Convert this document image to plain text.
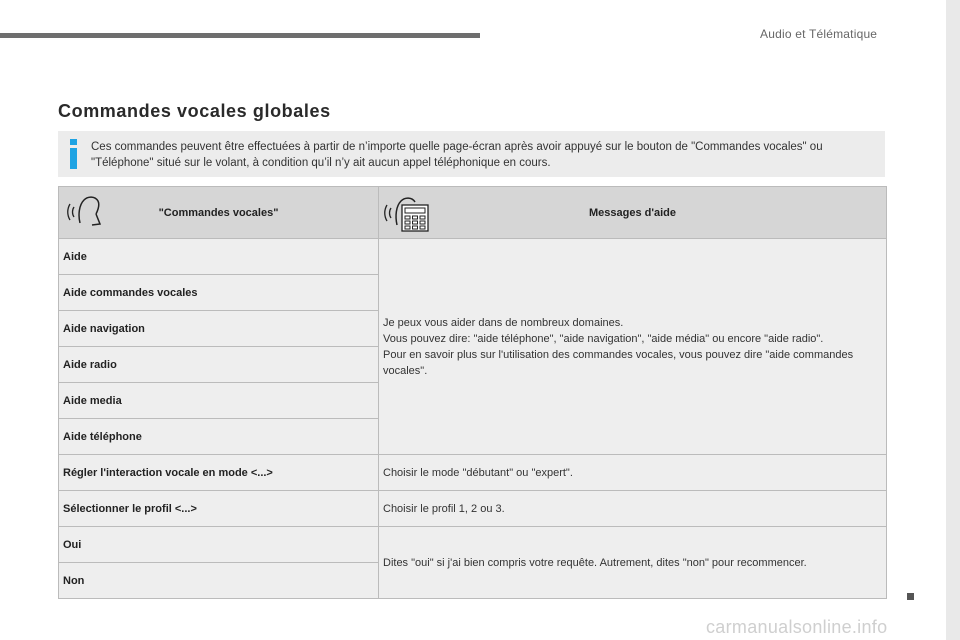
Audio et Télématique
Commandes vocales globales
Ces commandes peuvent être effectuées à partir de n’importe quelle page-écran après avoir appuyé sur le bouton de "Commandes vocales" ou "Téléphone" situé sur le volant, à condition qu’il n’y ait aucun appel téléphonique en cours.
"Commandes vocales"	Messages d'aide

Aide	Je peux vous aider dans de nombreux domaines.
Vous pouvez dire: "aide téléphone", "aide navigation", "aide média" ou encore "aide radio".
Pour en savoir plus sur l'utilisation des commandes vocales, vous pouvez dire "aide commandes vocales".

Aide commandes vocales	
Aide navigation	
Aide radio	
Aide media	
Aide téléphone	
Régler l'interaction vocale en mode <...>	Choisir le mode "débutant" ou "expert".
Sélectionner le profil <...>	Choisir le profil 1, 2 ou 3.
Oui	Dites "oui" si j'ai bien compris votre requête. Autrement, dites "non" pour recommencer.
Non	
carmanualsonline.info
